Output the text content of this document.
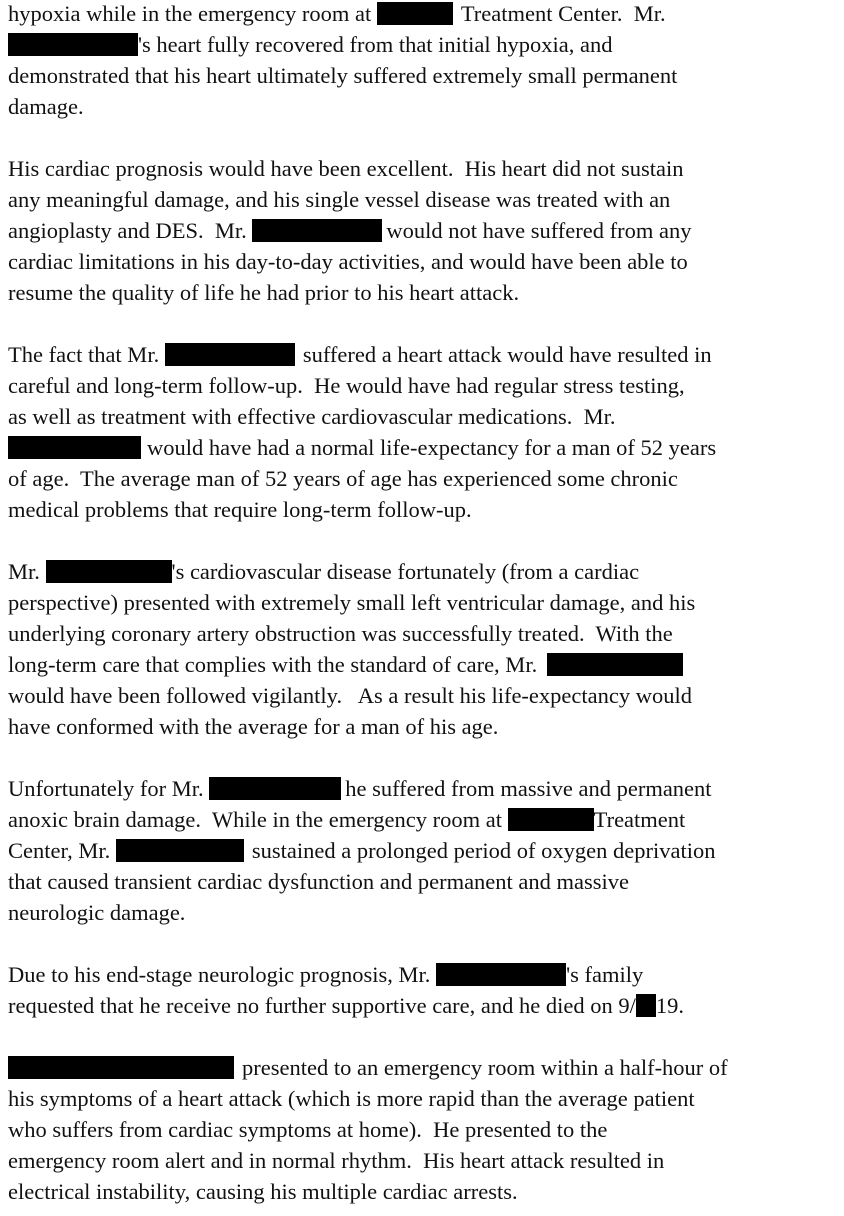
hypoxia while in the emergency room at	Treatment Center.  Mr.
's heart fully recovered from that initial hypoxia, and
demonstrated that his heart ultimately suffered extremely small permanent
damage.
His cardiac prognosis would have been excellent.  His heart did not sustain
any meaningful damage, and his single vessel disease was treated with an
angioplasty and DES.  Mr.	would not have suffered from any
cardiac limitations in his day-to-day activities, and would have been able to
resume the quality of life he had prior to his heart attack.
The fact that Mr.	suffered a heart attack would have resulted in
careful and long-term follow-up.  He would have had regular stress testing,
as well as treatment with effective cardiovascular medications.  Mr.
would have had a normal life-expectancy for a man of 52 years
of age.  The average man of 52 years of age has experienced some chronic
medical problems that require long-term follow-up.
Mr.	's cardiovascular disease fortunately (from a cardiac
perspective) presented with extremely small left ventricular damage, and his
underlying coronary artery obstruction was successfully treated.  With the
long-term care that complies with the standard of care, Mr.
would have been followed vigilantly.   As a result his life-expectancy would
have conformed with the average for a man of his age.
Unfortunately for Mr.	he suffered from massive and permanent
anoxic brain damage.  While in the emergency room at	Treatment
Center, Mr.	sustained a prolonged period of oxygen deprivation
that caused transient cardiac dysfunction and permanent and massive
neurologic damage.
Due to his end-stage neurologic prognosis, Mr.	's family
requested that he receive no further supportive care, and he died on 9/ 19.
presented to an emergency room within a half-hour of
his symptoms of a heart attack (which is more rapid than the average patient
who suffers from cardiac symptoms at home).  He presented to the
emergency room alert and in normal rhythm.  His heart attack resulted in
electrical instability, causing his multiple cardiac arrests.
